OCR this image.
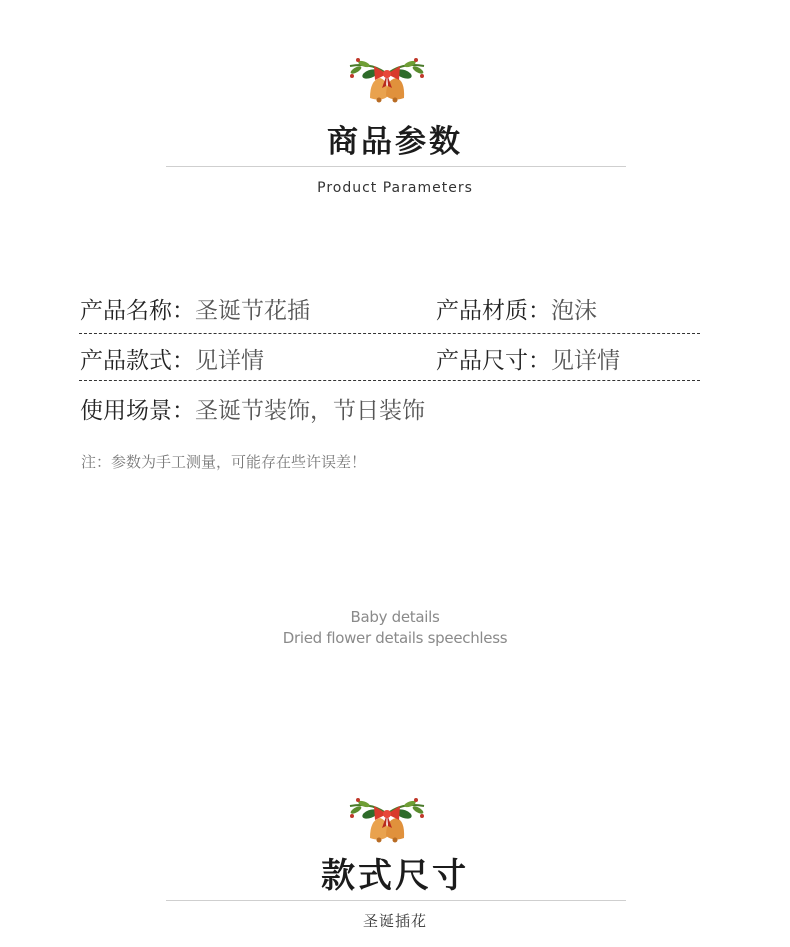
商品参数
Product Parameters
产品名称：圣诞节花插	产品材质：泡沫
产品款式：见详情	产品尺寸：见详情
使用场景：圣诞节装饰，节日装饰
注：参数为手工测量，可能存在些许误差！
Baby details
Dried flower details speechless
款式尺寸
圣诞插花
